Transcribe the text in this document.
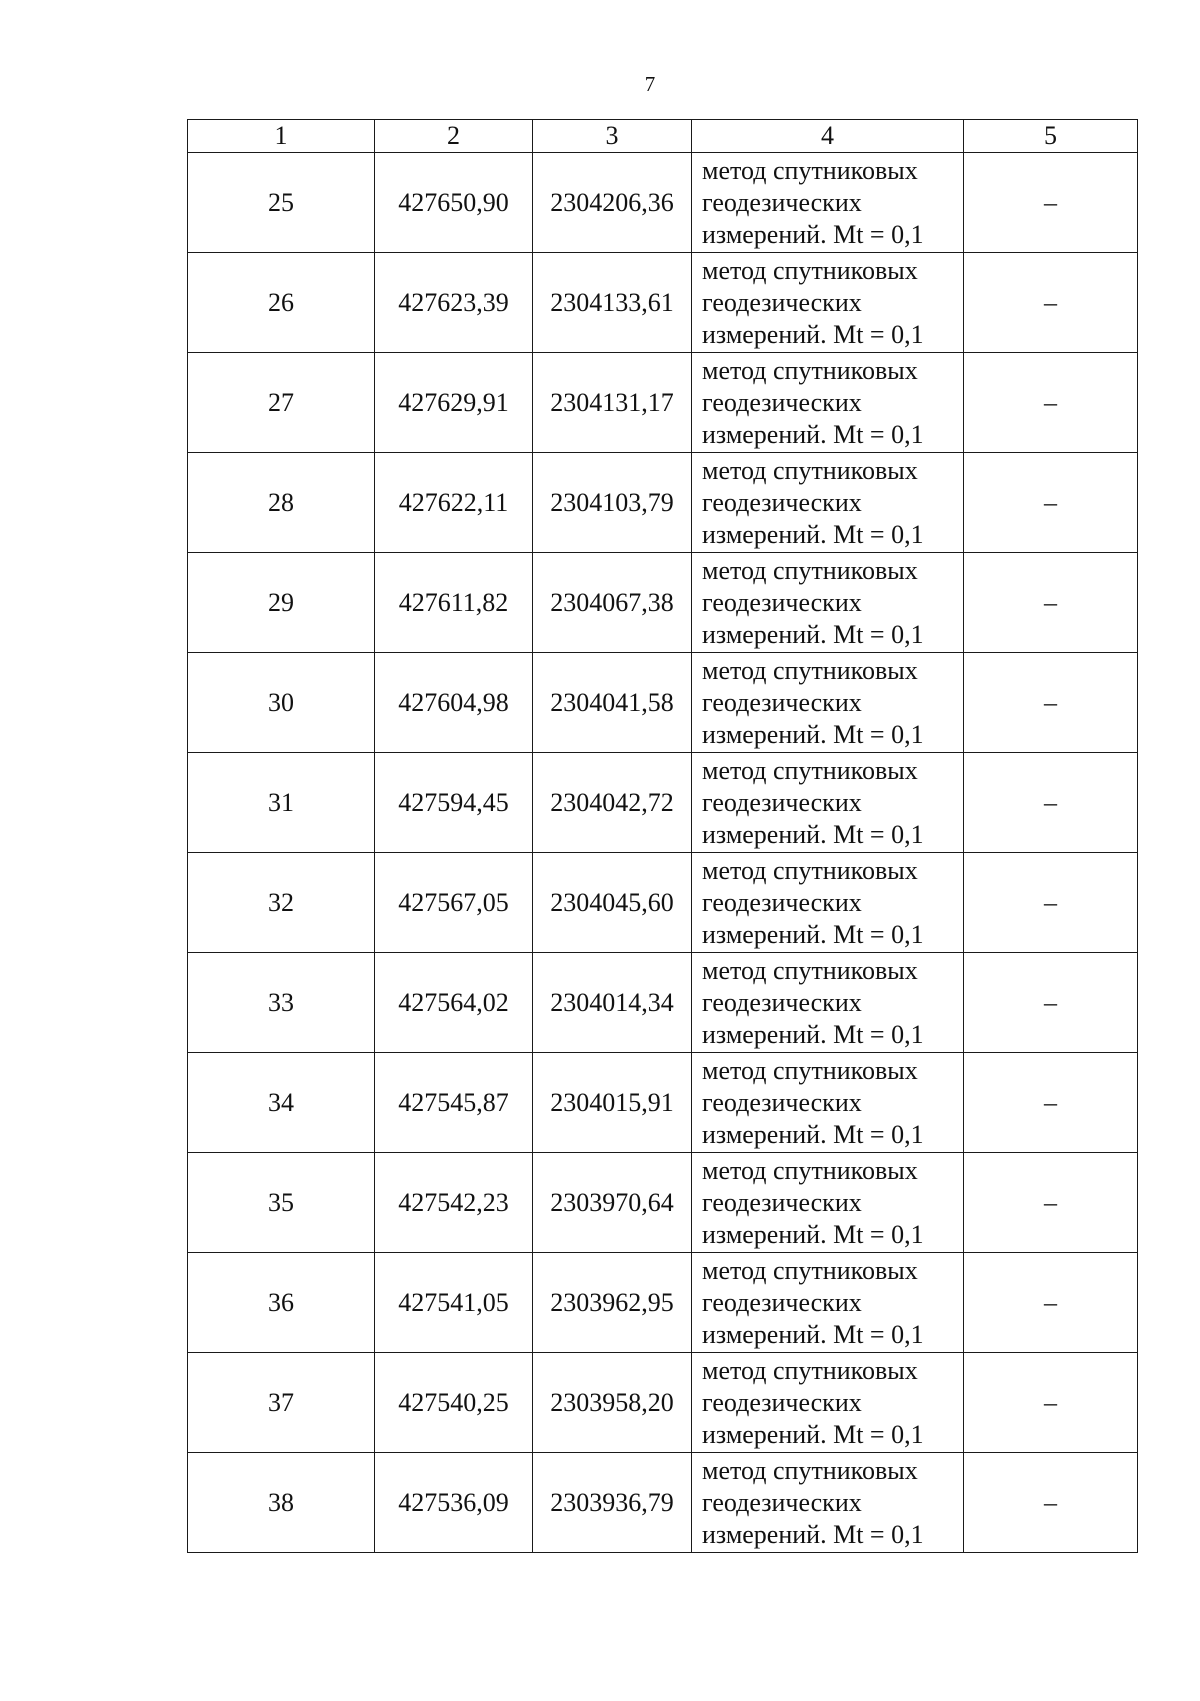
7
1	2	3	4	5
25	427650,90	2304206,36	метод спутниковых
геодезических
измерений. Mt = 0,1	–
26	427623,39	2304133,61	метод спутниковых
геодезических
измерений. Mt = 0,1	–
27	427629,91	2304131,17	метод спутниковых
геодезических
измерений. Mt = 0,1	–
28	427622,11	2304103,79	метод спутниковых
геодезических
измерений. Mt = 0,1	–
29	427611,82	2304067,38	метод спутниковых
геодезических
измерений. Mt = 0,1	–
30	427604,98	2304041,58	метод спутниковых
геодезических
измерений. Mt = 0,1	–
31	427594,45	2304042,72	метод спутниковых
геодезических
измерений. Mt = 0,1	–
32	427567,05	2304045,60	метод спутниковых
геодезических
измерений. Mt = 0,1	–
33	427564,02	2304014,34	метод спутниковых
геодезических
измерений. Mt = 0,1	–
34	427545,87	2304015,91	метод спутниковых
геодезических
измерений. Mt = 0,1	–
35	427542,23	2303970,64	метод спутниковых
геодезических
измерений. Mt = 0,1	–
36	427541,05	2303962,95	метод спутниковых
геодезических
измерений. Mt = 0,1	–
37	427540,25	2303958,20	метод спутниковых
геодезических
измерений. Mt = 0,1	–
38	427536,09	2303936,79	метод спутниковых
геодезических
измерений. Mt = 0,1	–
